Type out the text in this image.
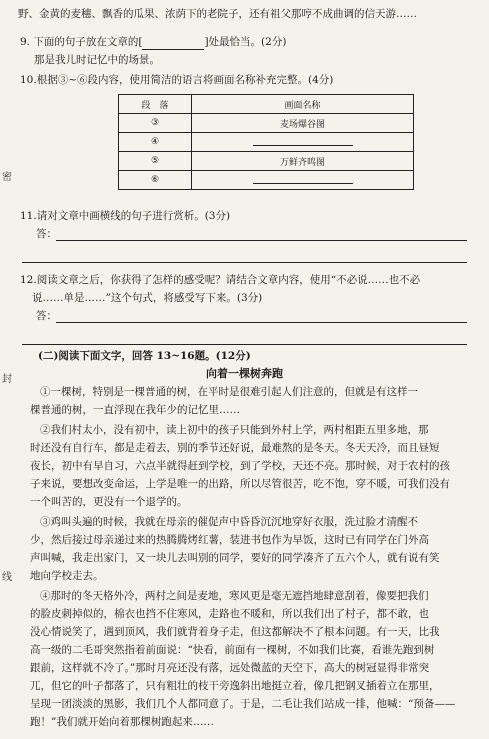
野、金黄的麦穗、飘香的瓜果、浓荫下的老院子，还有祖父那哼不成曲调的信天游……
9. 下面的句子放在文章的[	]处最恰当。(2分)
那是我儿时记忆中的场景。
10.根据③~⑥段内容，使用简洁的语言将画面名称补充完整。(4分)
段　落	画面名称
③	麦场爆谷图
④	
⑤	万鲜齐鸣图
⑥	
11.请对文章中画横线的句子进行赏析。(3分)
答：
12.阅读文章之后，你获得了怎样的感受呢？请结合文章内容，使用“不必说……也不必
说……单是……”这个句式，将感受写下来。(3分)
答：
(二)阅读下面文字，回答 13~16题。(12分)
向着一棵树奔跑
①一棵树，特别是一棵普通的树，在平时是很难引起人们注意的，但就是有这样一
棵普通的树，一直浮现在我年少的记忆里……
②我们村太小，没有初中，读上初中的孩子只能到外村上学，两村相距五里多地，那
时还没有自行车，都是走着去，别的季节还好说，最难熬的是冬天。冬天天冷，而且昼短
夜长，初中有早自习，六点半就得赶到学校，到了学校，天还不亮。那时候，对于农村的孩
子来说，要想改变命运，上学是唯一的出路，所以尽管很苦，吃不饱，穿不暖，可我们没有
一个叫苦的，更没有一个退学的。
③鸡叫头遍的时候，我就在母亲的催促声中昏昏沉沉地穿好衣服，洗过脸才清醒不
少，然后接过母亲递过来的热腾腾烤红薯，装进书包作为早饭，这时已有同学在门外高
声叫喊，我走出家门，又一块儿去叫别的同学，要好的同学凑齐了五六个人，就有说有笑
地向学校走去。
④那时的冬天格外冷，两村之间是麦地，寒风更是毫无遮挡地肆意刮着，像要把我们
的脸皮刺掉似的，棉衣也挡不住寒风，走路也不暖和，所以我们出了村子，都不敢，也
没心情说笑了，遇到顶风，我们就背着身子走，但这都解决不了根本问题。有一天，比我
高一级的二毛哥突然指着前面说：“快看，前面有一棵树，不如我们比赛，看谁先跑到树
跟前，这样就不冷了。”那时月亮还没有落，远处微蓝的天空下，高大的树冠显得非常突
兀，但它的叶子都落了，只有粗壮的枝干旁逸斜出地挺立着，像几把钢叉插着立在那里，
呈现一团淡淡的黑影，我们几个人都同意了。于是，二毛让我们站成一排，他喊：“预备——
跑！”我们就开始向着那棵树跑起来……
密
封
线
